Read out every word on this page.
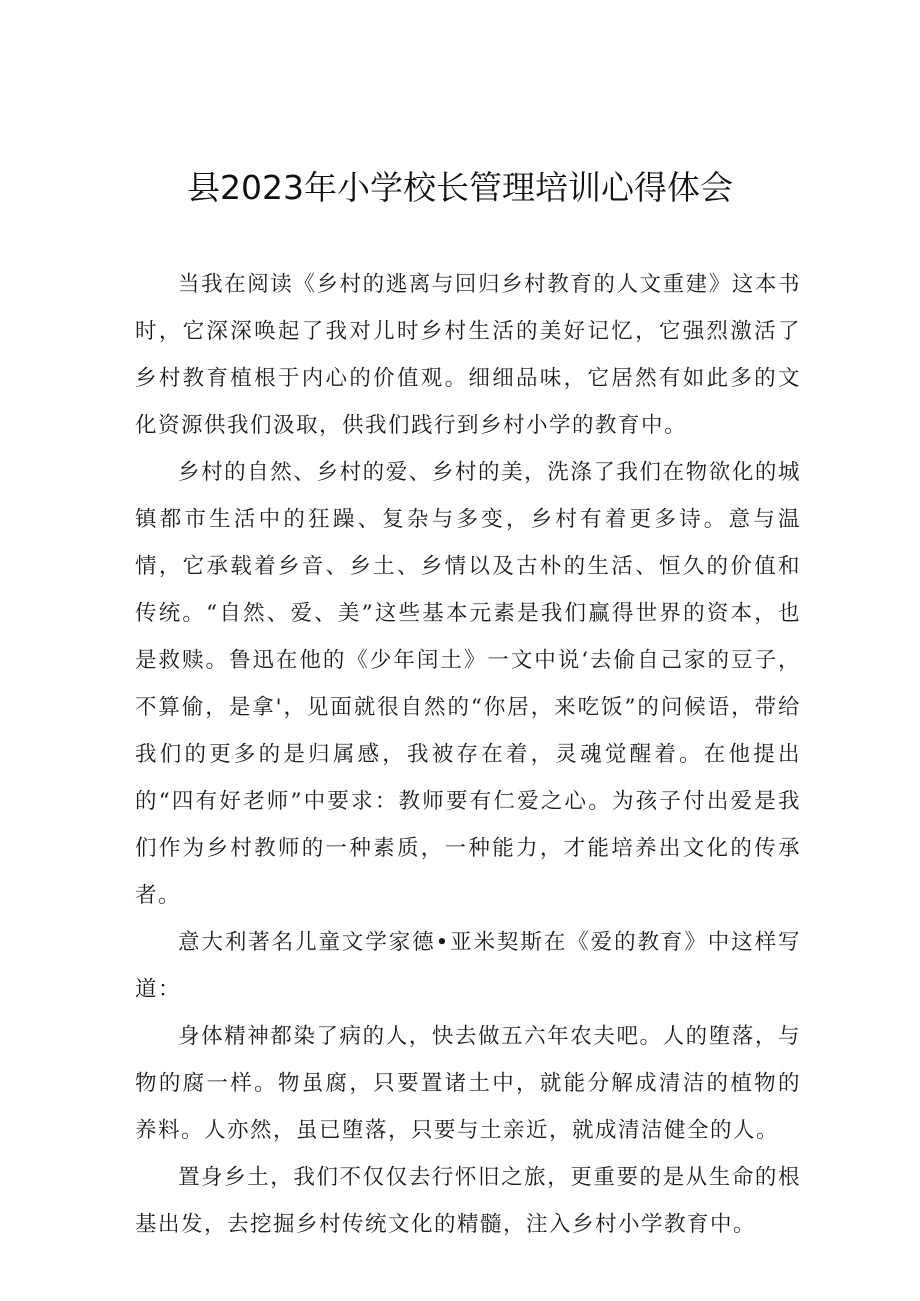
县2023年小学校长管理培训心得体会

当我在阅读《乡村的逃离与回归乡村教育的人文重建》这本书时，它深深唤起了我对儿时乡村生活的美好记忆，它强烈激活了乡村教育植根于内心的价值观。细细品味，它居然有如此多的文化资源供我们汲取，供我们践行到乡村小学的教育中。

乡村的自然、乡村的爱、乡村的美，洗涤了我们在物欲化的城镇都市生活中的狂躁、复杂与多变，乡村有着更多诗。意与温情，它承载着乡音、乡土、乡情以及古朴的生活、恒久的价值和传统。“自然、爱、美”这些基本元素是我们赢得世界的资本，也是救赎。鲁迅在他的《少年闰土》一文中说‘去偷自己家的豆子，不算偷，是拿'，见面就很自然的“你居，来吃饭”的问候语，带给我们的更多的是归属感，我被存在着，灵魂觉醒着。在他提出的“四有好老师”中要求：教师要有仁爱之心。为孩子付出爱是我们作为乡村教师的一种素质，一种能力，才能培养出文化的传承者。

意大利著名儿童文学家德•亚米契斯在《爱的教育》中这样写道：

身体精神都染了病的人，快去做五六年农夫吧。人的堕落，与物的腐一样。物虽腐，只要置诸土中，就能分解成清洁的植物的养料。人亦然，虽已堕落，只要与土亲近，就成清洁健全的人。

置身乡土，我们不仅仅去行怀旧之旅，更重要的是从生命的根基出发，去挖掘乡村传统文化的精髓，注入乡村小学教育中。
